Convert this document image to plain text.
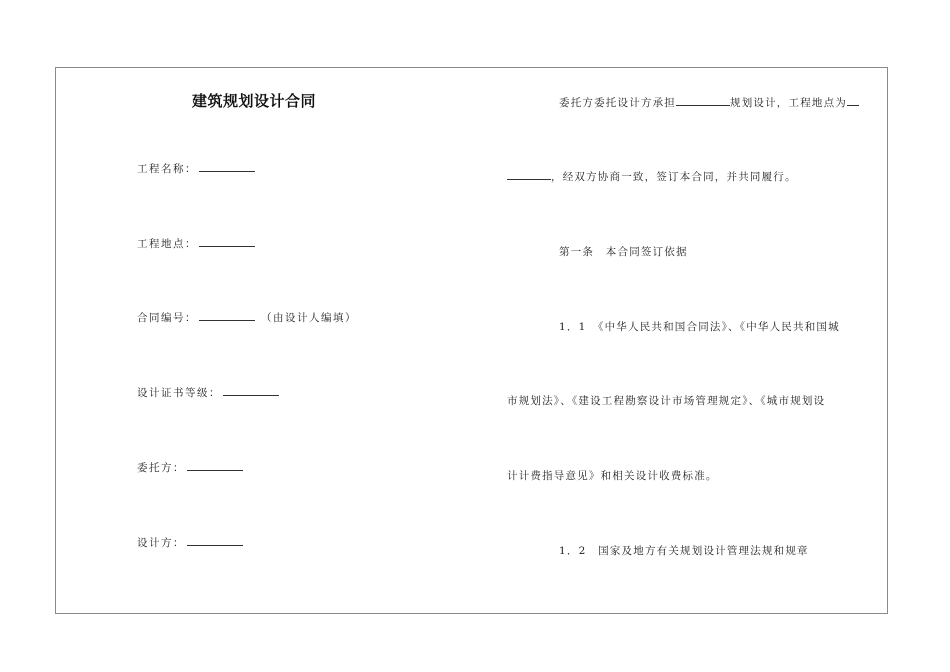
建筑规划设计合同
工程名称：
工程地点：
合同编号：	（由设计人编填）
设计证书等级：
委托方：
设计方：
委托方委托设计方承担	规划设计，工程地点为
，经双方协商一致，签订本合同，并共同履行。
第一条　本合同签订依据
1．1　《中华人民共和国合同法》、《中华人民共和国城
市规划法》、《建设工程勘察设计市场管理规定》、《城市规划设
计计费指导意见》和相关设计收费标准。
1．2　国家及地方有关规划设计管理法规和规章
